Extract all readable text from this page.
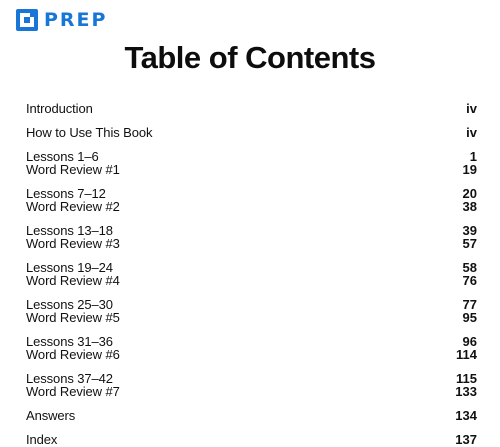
PREP
Table of Contents
Introduction	iv
How to Use This Book	iv
Lessons 1–6	1
Word Review #1	19
Lessons 7–12	20
Word Review #2	38
Lessons 13–18	39
Word Review #3	57
Lessons 19–24	58
Word Review #4	76
Lessons 25–30	77
Word Review #5	95
Lessons 31–36	96
Word Review #6	114
Lessons 37–42	115
Word Review #7	133
Answers	134
Index	137
